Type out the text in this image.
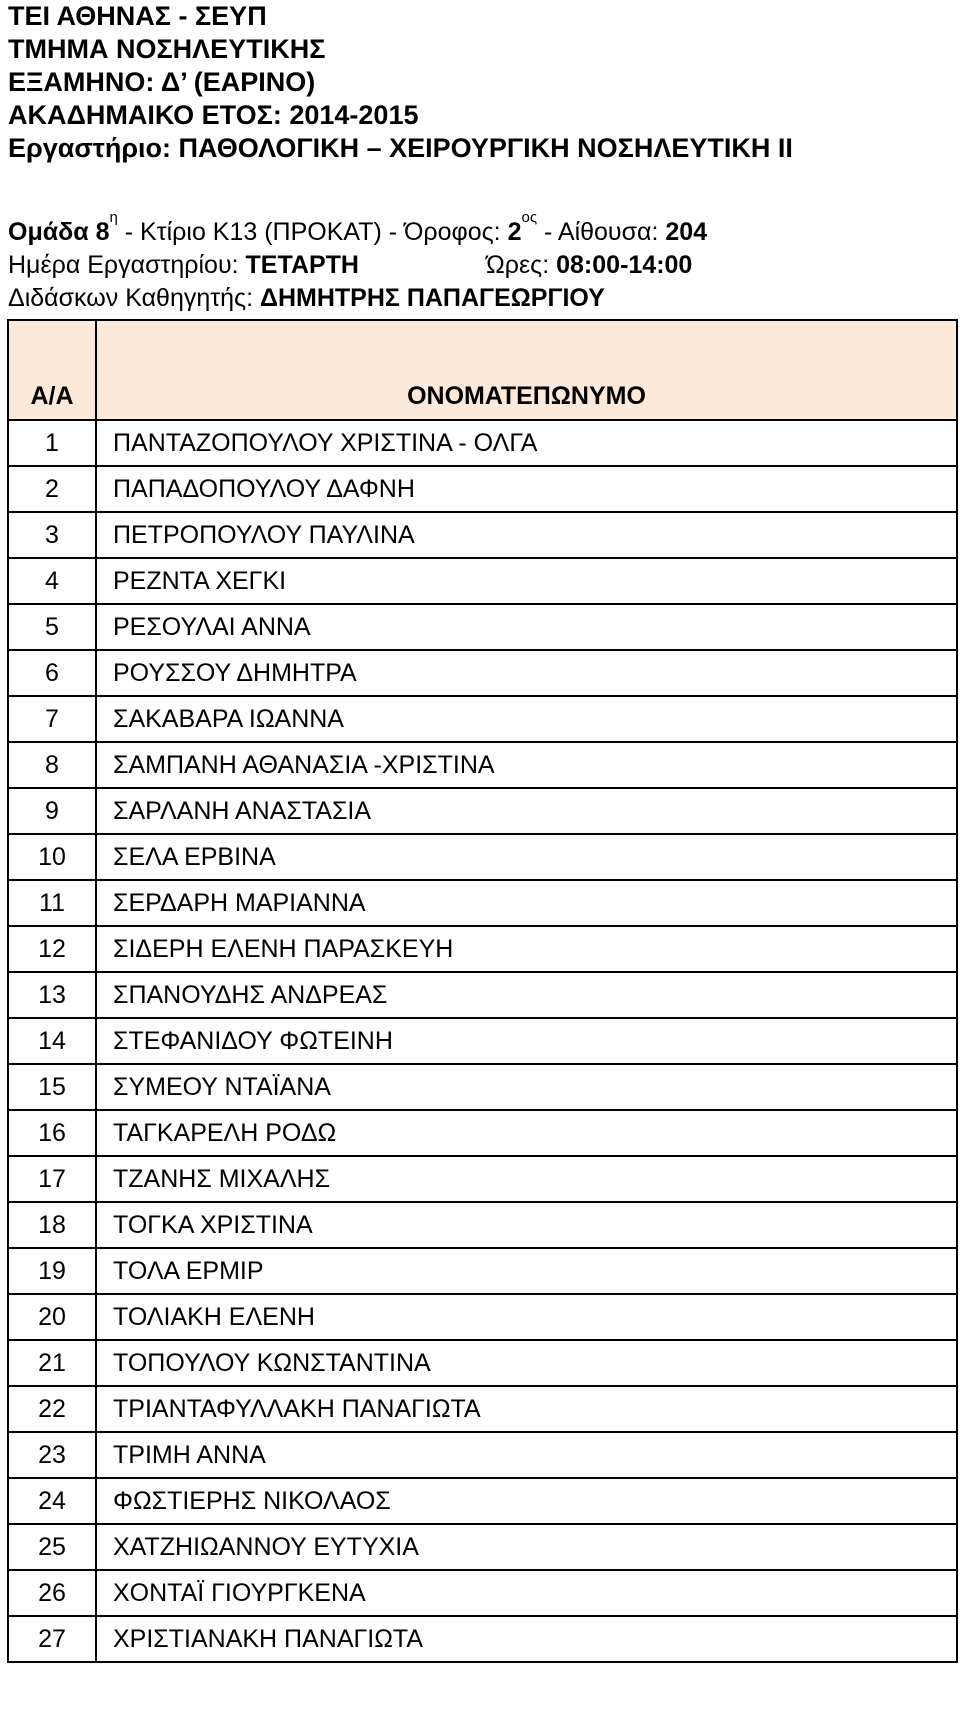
ΤΕΙ ΑΘΗΝΑΣ - ΣΕΥΠ
ΤΜΗΜΑ ΝΟΣΗΛΕΥΤΙΚΗΣ
ΕΞΑΜΗΝΟ: Δ’ (ΕΑΡΙΝΟ)
ΑΚΑΔΗΜΑΙΚΟ ΕΤΟΣ: 2014-2015
Εργαστήριο: ΠΑΘΟΛΟΓΙΚΗ – ΧΕΙΡΟΥΡΓΙΚΗ ΝΟΣΗΛΕΥΤΙΚΗ ΙΙ
Ομάδα $8^\eta$ - Κτίριο Κ13 (ΠΡΟΚΑΤ) - Όροφος: $2^{o\varsigma}$ - Αίθουσα: 204
Ημέρα Εργαστηρίου: ΤΕΤΑΡΤΗ	Ώρες: 08:00-14:00
Διδάσκων Καθηγητής: ΔΗΜΗΤΡΗΣ ΠΑΠΑΓΕΩΡΓΙΟΥ
Α/Α	ΟΝΟΜΑΤΕΠΩΝΥΜΟ
1	ΠΑΝΤΑΖΟΠΟΥΛΟΥ ΧΡΙΣΤΙΝΑ - ΟΛΓΑ
2	ΠΑΠΑΔΟΠΟΥΛΟΥ ΔΑΦΝΗ
3	ΠΕΤΡΟΠΟΥΛΟΥ ΠΑΥΛΙΝΑ
4	ΡΕΖΝΤΑ ΧΕΓΚΙ
5	ΡΕΣΟΥΛΑΙ ΑΝΝΑ
6	ΡΟΥΣΣΟΥ ΔΗΜΗΤΡΑ
7	ΣΑΚΑΒΑΡΑ ΙΩΑΝΝΑ
8	ΣΑΜΠΑΝΗ ΑΘΑΝΑΣΙΑ -ΧΡΙΣΤΙΝΑ
9	ΣΑΡΛΑΝΗ ΑΝΑΣΤΑΣΙΑ
10	ΣΕΛΑ ΕΡΒΙΝΑ
11	ΣΕΡΔΑΡΗ ΜΑΡΙΑΝΝΑ
12	ΣΙΔΕΡΗ ΕΛΕΝΗ ΠΑΡΑΣΚΕΥΗ
13	ΣΠΑΝΟΥΔΗΣ ΑΝΔΡΕΑΣ
14	ΣΤΕΦΑΝΙΔΟΥ ΦΩΤΕΙΝΗ
15	ΣΥΜΕΟΥ ΝΤΑΪΑΝΑ
16	ΤΑΓΚΑΡΕΛΗ ΡΟΔΩ
17	ΤΖΑΝΗΣ ΜΙΧΑΛΗΣ
18	ΤΟΓΚΑ ΧΡΙΣΤΙΝΑ
19	ΤΟΛΑ ΕΡΜΙΡ
20	ΤΟΛΙΑΚΗ ΕΛΕΝΗ
21	ΤΟΠΟΥΛΟΥ ΚΩΝΣΤΑΝΤΙΝΑ
22	ΤΡΙΑΝΤΑΦΥΛΛΑΚΗ ΠΑΝΑΓΙΩΤΑ
23	ΤΡΙΜΗ ΑΝΝΑ
24	ΦΩΣΤΙΕΡΗΣ ΝΙΚΟΛΑΟΣ
25	ΧΑΤΖΗΙΩΑΝΝΟΥ ΕΥΤΥΧΙΑ
26	ΧΟΝΤΑΪ ΓΙΟΥΡΓΚΕΝΑ
27	ΧΡΙΣΤΙΑΝΑΚΗ ΠΑΝΑΓΙΩΤΑ
